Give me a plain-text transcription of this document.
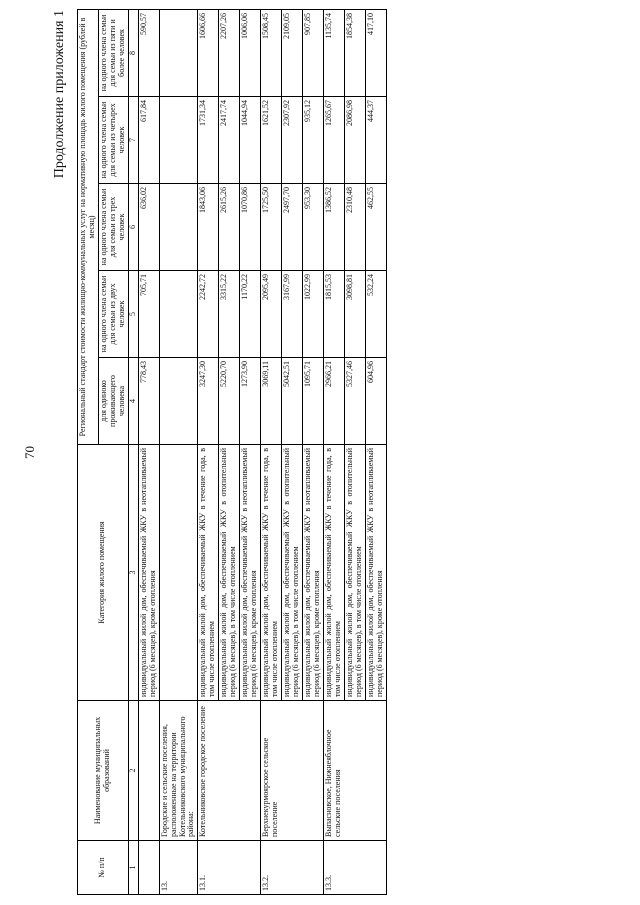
70
Продолжение приложения 1
№ п/п	Наименование муниципальных образований	Категория жилого помещения	Региональный стандарт стоимости жилищно-коммунальных услуг на нормативную площадь жилого помещения (рублей в месяц)				
			для одиноко проживающего человека	на одного члена семьи для семьи из двух человек	на одного члена семьи для семьи из трех человек	на одного члена семьи для семьи из четырех человек	на одного члена семьи для семьи из пяти и более человек
1	2	3	4	5	6	7	8
		индивидуальный жилой дом, обеспечиваемый ЖКУ в неотапливаемый период (6 месяцев), кроме отопления	778,43	705,71	636,02	617,84	590,57
13.	Городские и сельские поселения, расположенные на территории Котельниковского муниципального района:						
13.1.	Котельниковское городское поселение	индивидуальный жилой дом, обеспечиваемый ЖКУ в течение года, в том числе отоплением	3247,30	2242,72	1843,06	1731,34	1606,66
		индивидуальный жилой дом, обеспечиваемый ЖКУ в отопительный период (6 месяцев), в том числе отоплением	5220,70	3315,22	2615,26	2417,74	2207,26
		индивидуальный жилой дом, обеспечиваемый ЖКУ в неотапливаемый период (6 месяцев), кроме отопления	1273,90	1170,22	1070,86	1044,94	1006,06
13.2.	Верхнекурмоярское сельское поселение	индивидуальный жилой дом, обеспечиваемый ЖКУ в течение года, в том числе отоплением	3069,11	2095,49	1725,50	1621,52	1508,45
		индивидуальный жилой дом, обеспечиваемый ЖКУ в отопительный период (6 месяцев), в том числе отоплением	5042,51	3167,99	2497,70	2307,92	2109,05
		индивидуальный жилой дом, обеспечиваемый ЖКУ в неотапливаемый период (6 месяцев), кроме отопления	1095,71	1022,99	953,30	935,12	907,85
13.3.	Выпасновское, Нижнеяблочное сельские поселения	индивидуальный жилой дом, обеспечиваемый ЖКУ в течение года, в том числе отоплением	2966,21	1815,53	1386,52	1265,67	1135,74
		индивидуальный жилой дом, обеспечиваемый ЖКУ в отопительный период (6 месяцев), в том числе отоплением	5327,46	3098,81	2310,48	2086,98	1854,38
		индивидуальный жилой дом, обеспечиваемый ЖКУ в неотапливаемый период (6 месяцев), кроме отопления	604,96	532,24	462,55	444,37	417,10
